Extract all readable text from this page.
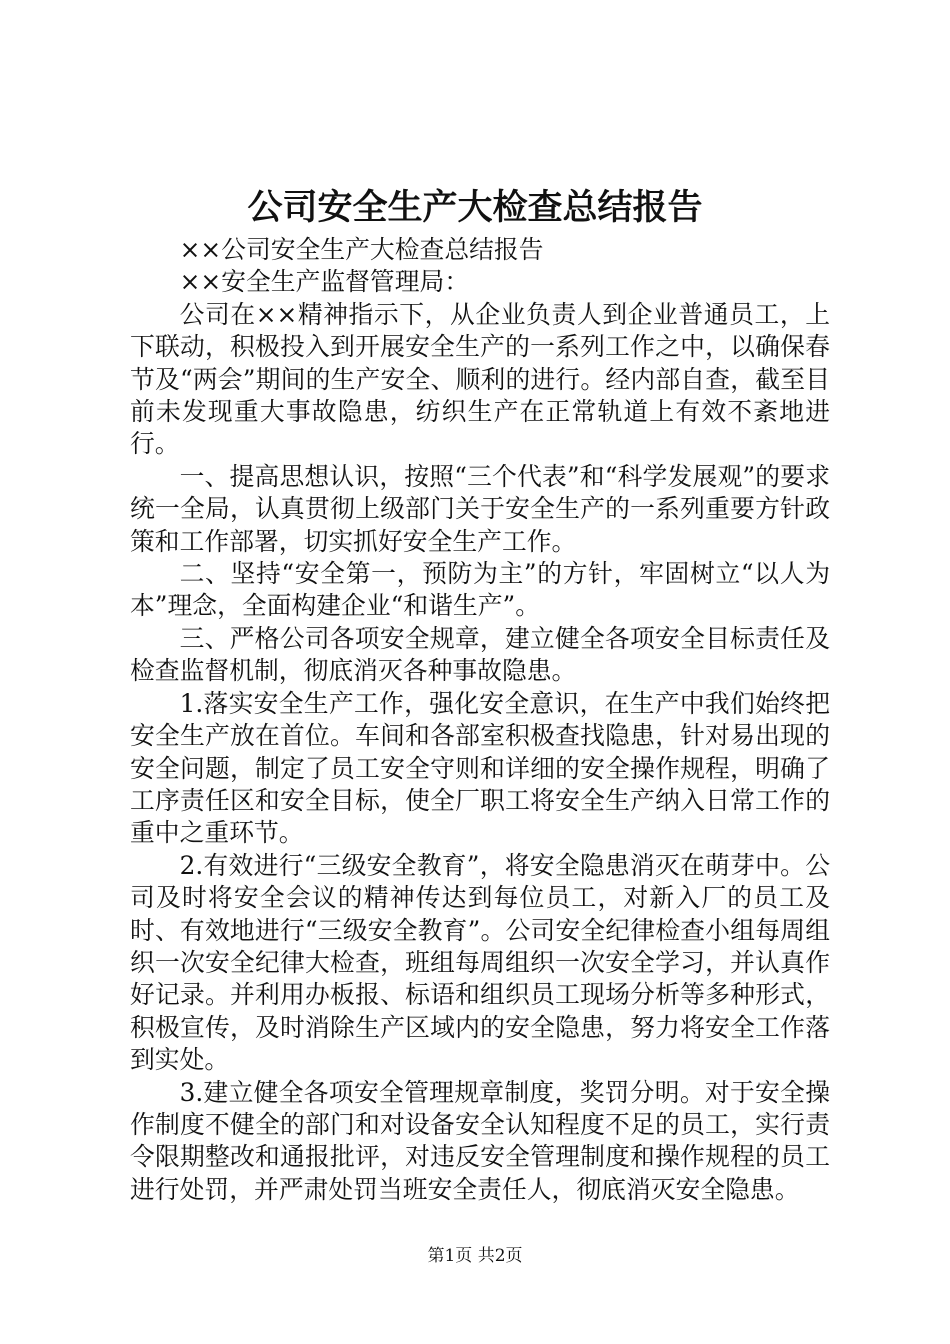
公司安全生产大检查总结报告

××公司安全生产大检查总结报告

××安全生产监督管理局：

公司在××精神指示下，从企业负责人到企业普通员工，上下联动，积极投入到开展安全生产的一系列工作之中，以确保春节及“两会”期间的生产安全、顺利的进行。经内部自查，截至目前未发现重大事故隐患，纺织生产在正常轨道上有效不紊地进行。

一、提高思想认识，按照“三个代表”和“科学发展观”的要求统一全局，认真贯彻上级部门关于安全生产的一系列重要方针政策和工作部署，切实抓好安全生产工作。

二、坚持“安全第一，预防为主”的方针，牢固树立“以人为本”理念，全面构建企业“和谐生产”。

三、严格公司各项安全规章，建立健全各项安全目标责任及检查监督机制，彻底消灭各种事故隐患。

1.落实安全生产工作，强化安全意识，在生产中我们始终把安全生产放在首位。车间和各部室积极查找隐患，针对易出现的安全问题，制定了员工安全守则和详细的安全操作规程，明确了工序责任区和安全目标，使全厂职工将安全生产纳入日常工作的重中之重环节。

2.有效进行“三级安全教育”，将安全隐患消灭在萌芽中。公司及时将安全会议的精神传达到每位员工，对新入厂的员工及时、有效地进行“三级安全教育”。公司安全纪律检查小组每周组织一次安全纪律大检查，班组每周组织一次安全学习，并认真作好记录。并利用办板报、标语和组织员工现场分析等多种形式，积极宣传，及时消除生产区域内的安全隐患，努力将安全工作落到实处。

3.建立健全各项安全管理规章制度，奖罚分明。对于安全操作制度不健全的部门和对设备安全认知程度不足的员工，实行责令限期整改和通报批评，对违反安全管理制度和操作规程的员工进行处罚，并严肃处罚当班安全责任人，彻底消灭安全隐患。

第1页 共2页
